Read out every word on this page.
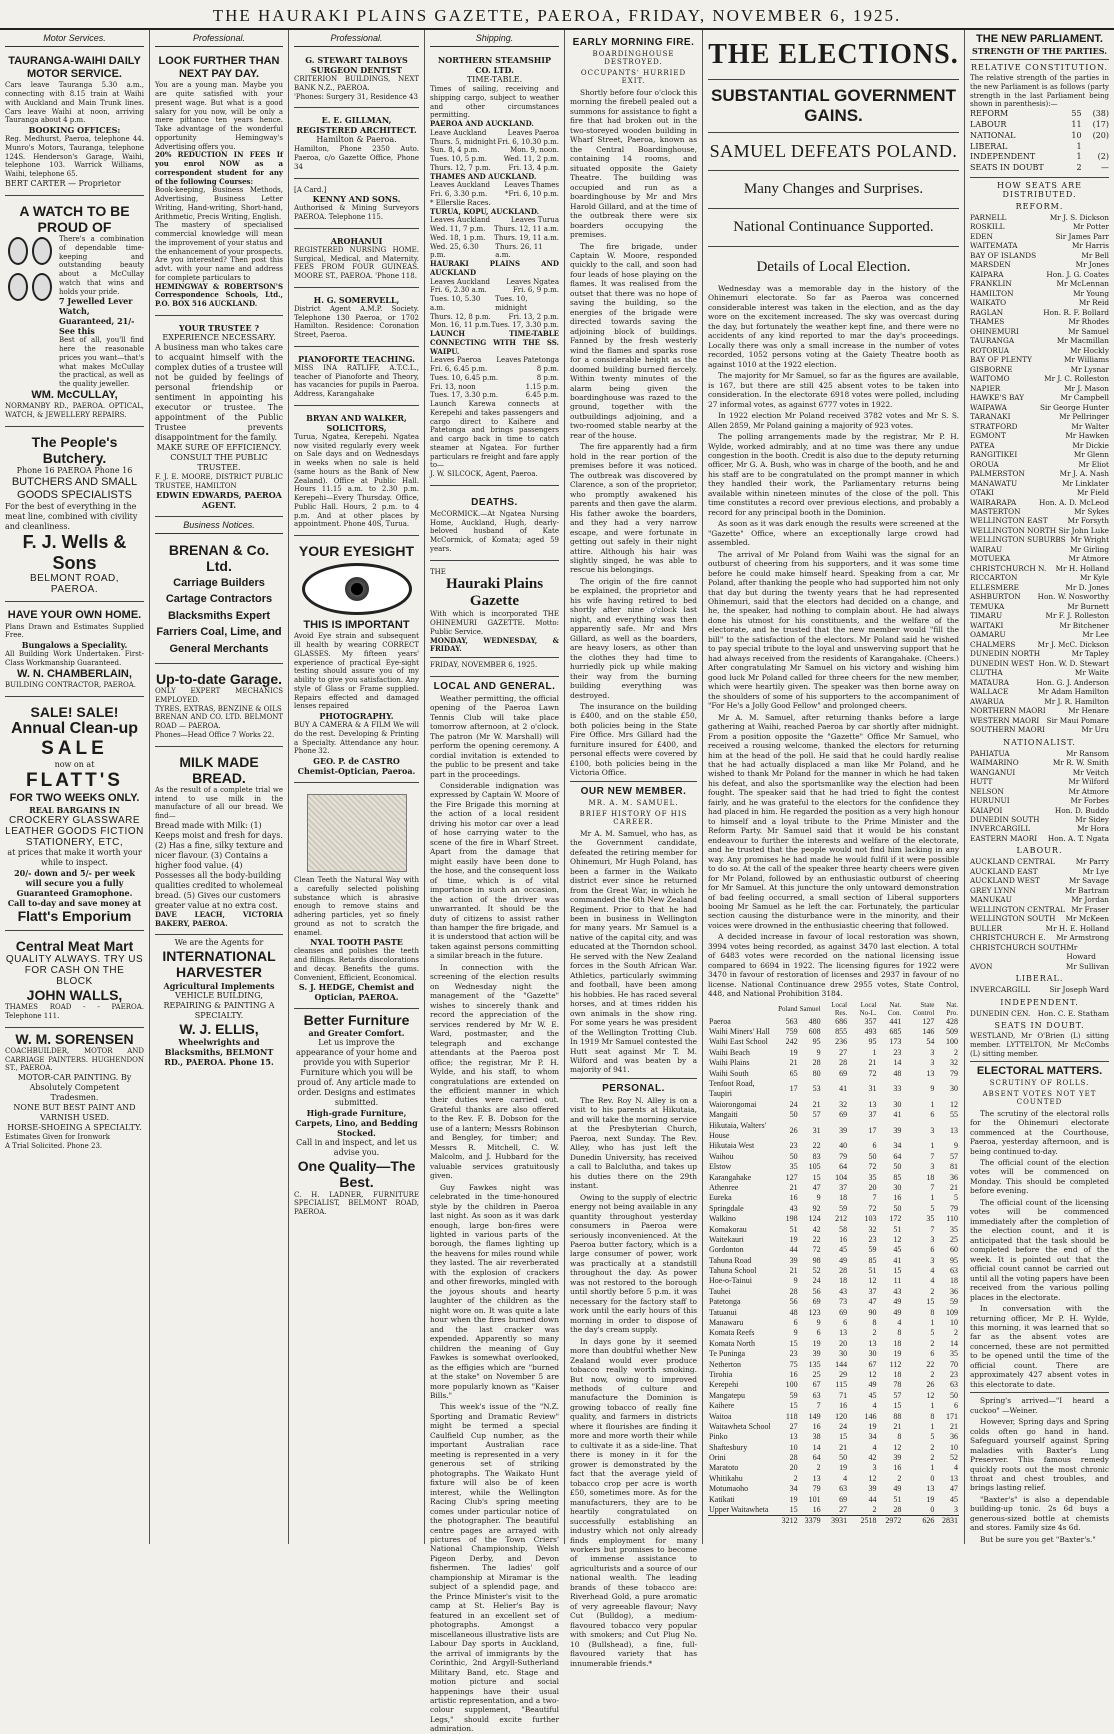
THE HAURAKI PLAINS GAZETTE, PAEROA, FRIDAY, NOVEMBER 6, 1925.
Motor Services.
TAURANGA-WAIHI DAILY MOTOR SERVICE.
Cars leave Tauranga 5.30 a.m., connecting with 8.15 train at Waihi with Auckland and Main Trunk lines. Cars leave Waihi at noon, arriving Tauranga about 4 p.m.
BOOKING OFFICES:
Reg. Medhurst, Paeroa, telephone 44. Munro's Motors, Tauranga, telephone 124S. Henderson's Garage, Waihi, telephone 103. Warrick Williams, Waihi, telephone 65.
BERT CARTER — Proprietor
A WATCH TO BE PROUD OF

There's a combination of dependable time-keeping and outstanding beauty about a McCullay watch that wins and holds your pride.
7 Jewelled Lever Watch, Guaranteed, 21/- See this
Best of all, you'll find here the reasonable prices you want—that's what makes McCullay the practical, as well as the quality jeweller.
WM. McCULLAY,
NORMANBY RD., PAEROA. OPTICAL, WATCH, & JEWELLERY REPAIRS.
The People's Butchery.
Phone 16 PAEROA Phone 16
BUTCHERS AND SMALL GOODS SPECIALISTS
For the best of everything in the meat line, combined with civility and cleanliness.
F. J. Wells & Sons
BELMONT ROAD, PAEROA.
HAVE YOUR OWN HOME.
Plans Drawn and Estimates Supplied Free.
Bungalows a Speciality.
All Building Work Undertaken. First-Class Workmanship Guaranteed.
W. N. CHAMBERLAIN,
BUILDING CONTRACTOR, PAEROA.
SALE! SALE!
Annual Clean-up
SALE
now on at
FLATT'S
FOR TWO WEEKS ONLY.
REAL BARGAINS IN
CROCKERY GLASSWARE LEATHER GOODS FICTION STATIONERY, ETC,
at prices that make it worth your while to inspect.
20/- down and 5/- per week will secure you a fully Guaranteed Gramophone.
Call to-day and save money at
Flatt's Emporium
Central Meat Mart
QUALITY ALWAYS. TRY US FOR CASH ON THE BLOCK
JOHN WALLS,
THAMES ROAD - - PAEROA. Telephone 111.
W. M. SORENSEN
COACHBUILDER, MOTOR AND CARRIAGE PAINTERS. HUGHENDON ST., PAEROA.
MOTOR-CAR PAINTING. By Absolutely Competent Tradesmen.
NONE BUT BEST PAINT AND VARNISH USED.
HORSE-SHOEING A SPECIALTY.
Estimates Given for Ironwork
A Trial Solicited. Phone 23.
Professional.
LOOK FURTHER THAN NEXT PAY DAY.
You are a young man. Maybe you are quite satisfied with your present wage. But what is a good salary for you now, will be only a mere pittance ten years hence. Take advantage of the wonderful opportunity Hemingway's Advertising offers you.
20% REDUCTION IN FEES If you enrol NOW as a correspondent student for any of the following Courses:
Book-keeping, Business Methods, Advertising, Business Letter Writing, Hand-writing, Short-hand, Arithmetic, Precis Writing, English.
The mastery of specialised commercial knowledge will mean the improvement of your status and the enhancement of your prospects. Are you interested? Then post this advt. with your name and address for complete particulars to
HEMINGWAY & ROBERTSON'S Correspondence Schools, Ltd., P.O. BOX 516 AUCKLAND.
YOUR TRUSTEE ?
EXPERIENCE NECESSARY.
A business man who takes care to acquaint himself with the complex duties of a trustee will not be guided by feelings of personal friendship or sentiment in appointing his executor or trustee. The appointment of the Public Trustee prevents disappointment for the family.
MAKE SURE OF EFFICIENCY.
CONSULT THE PUBLIC TRUSTEE.
F. J. E. MOORE, DISTRICT PUBLIC TRUSTEE, HAMILTON
EDWIN EDWARDS, PAEROA AGENT.
Business Notices.
BRENAN & Co. Ltd.
Carriage Builders Cartage Contractors Blacksmiths Expert Farriers Coal, Lime, and General Merchants
Up-to-date Garage.
ONLY EXPERT MECHANICS EMPLOYED.
TYRES, EXTRAS, BENZINE & OILS
BRENAN AND CO. LTD. BELMONT ROAD — PAEROA.
Phones—Head Office 7 Works 22.
MILK MADE BREAD.
As the result of a complete trial we intend to use milk in the manufacture of all our bread. We find—
Bread made with Milk: (1) Keeps moist and fresh for days. (2) Has a fine, silky texture and nicer flavour. (3) Contains a higher food value. (4) Possesses all the body-building qualities credited to wholemeal bread. (5) Gives our customers greater value at no extra cost.
DAVE LEACH, VICTORIA BAKERY, PAEROA.
We are the Agents for
INTERNATIONAL HARVESTER
Agricultural Implements
VEHICLE BUILDING, REPAIRING & PAINTING A SPECIALTY.
W. J. ELLIS,
Wheelwrights and Blacksmiths, BELMONT RD., PAEROA. Phone 15.
Professional.
G. STEWART TALBOYS SURGEON DENTIST
CRITERION BUILDINGS, NEXT BANK N.Z., PAEROA.
'Phones: Surgery 31, Residence 43
E. E. GILLMAN, REGISTERED ARCHITECT.
Hamilton & Paeroa.
Hamilton, Phone 2350 Auto. Paeroa, c/o Gazette Office, Phone 34
[A Card.]
KENNY AND SONS.
Authorised & Mining Surveyors PAEROA. Telephone 115.
AROHANUI
REGISTERED NURSING HOME. Surgical, Medical, and Maternity. FEES FROM FOUR GUINEAS. MOORE ST., PAEROA. 'Phone 118.
H. G. SOMERVELL,
District Agent A.M.P. Society. Telephone 130 Paeroa, or 1702 Hamilton. Residence: Coronation Street, Paeroa.
PIANOFORTE TEACHING.
MISS INA RATLIFF, A.T.C.L., teacher of Pianoforte and Theory, has vacancies for pupils in Paeroa. Address, Karangahake
BRYAN AND WALKER, SOLICITORS,
Turua, Ngatea, Kerepehi. Ngatea now visited regularly every week on Sale days and on Wednesdays in weeks when no sale is held (same hours as the Bank of New Zealand). Office at Public Hall. Hours 11.15 a.m. to 2.30 p.m. Kerepehi—Every Thursday. Office, Public Hall. Hours, 2 p.m. to 4 p.m. And at other places by appointment. Phone 40S, Turua.
YOUR EYESIGHT
THIS IS IMPORTANT
Avoid Eye strain and subsequent ill health by wearing CORRECT GLASSES. My fifteen years' experience of practical Eye-sight testing should assure you of my ability to give you satisfaction. Any style of Glass or Frame supplied. Repairs effected and damaged lenses repaired
PHOTOGRAPHY.
BUY A CAMERA & A FILM We will do the rest. Developing & Printing a Specialty. Attendance any hour. Phone 32.
GEO. P. de CASTRO Chemist-Optician, Paeroa.
Clean Teeth the Natural Way with a carefully selected polishing substance which is abrasive enough to remove stains and adhering particles, yet so finely ground as not to scratch the enamel.
NYAL TOOTH PASTE
cleanses and polishes the teeth and fillings. Retards discolorations and decay. Benefits the gums. Convenient, Efficient, Economical.
S. J. HEDGE, Chemist and Optician, PAEROA.
Better Furniture
and Greater Comfort.
Let us improve the appearance of your home and provide you with Superior Furniture which you will be proud of. Any article made to order. Designs and estimates submitted.
High-grade Furniture, Carpets, Lino, and Bedding Stocked.
Call in and inspect, and let us advise you.
One Quality—The Best.
C. H. LADNER, FURNITURE SPECIALIST, BELMONT ROAD, PAEROA.
Shipping.
NORTHERN STEAMSHIP CO. LTD.
TIME-TABLE.
Times of sailing, receiving and shipping cargo, subject to weather and other circumstances permitting.
PAEROA AND AUCKLAND.
Leave Auckland	Leaves Paeroa
Thurs. 5, midnight Fri. 6, 10.30 p.m.
Sun. 8, 4 p.m.	Mon. 9, noon.
Tues. 10, 5 p.m. Wed. 11, 2 p.m.
Thurs. 12, 7 p.m.	Fri. 13, 4 p.m.
THAMES AND AUCKLAND.
Leaves Auckland Leaves Thames
Fri. 6, 3.30 p.m.	*Fri. 6, 10 p.m.
* Ellerslie Races.
TURUA, KOPU, AUCKLAND.
Leaves Auckland	Leaves Turua
Wed. 11, 7 p.m. Thurs. 12, 11 a.m.
Wed. 18, 1 p.m. Thurs. 19, 11 a.m.
Wed. 25, 6.30 p.m.
Thurs. 26, 11 a.m.
HAURAKI PLAINS AND AUCKLAND
Leaves Auckland Leaves Ngatea
Fri. 6, 2.30 a.m.	Fri. 6, 9 p.m.
Tues. 10, 5.30 a.m.
Tues. 10, midnight
Thurs. 12, 8 p.m.	Fri. 13, 2 p.m.
Mon. 16, 11 p.m. Tues. 17, 3.30 p.m.
LAUNCH TIME-TABLE CONNECTING WITH THE SS. WAIPU.
Leaves Paeroa Leaves Patetonga
Fri. 6, 6.45 p.m.	8 p.m.
Tues. 10, 6.45 p.m.	8 p.m.
Fri. 13, noon	1.15 p.m.
Tues. 17, 3.30 p.m.	6.45 p.m.
Launch Karewa connects at Kerepehi and takes passengers and cargo direct to Kaihere and Patetonga and brings passengers and cargo back in time to catch steamer at Ngatea. For further particulars re freight and fare apply to—
J. W. SILCOCK, Agent, Paeroa.
DEATHS.
McCORMICK.—At Ngatea Nursing Home, Auckland, Hugh, dearly-beloved husband of Kate McCormick, of Komata; aged 59 years.
THE
Hauraki Plains Gazette
With which is incorporated THE OHINEMURI GAZETTE. Motto: Public Service.
MONDAY, WEDNESDAY, & FRIDAY.
FRIDAY, NOVEMBER 6, 1925.
LOCAL AND GENERAL.

Weather permitting, the official opening of the Paeroa Lawn Tennis Club will take place tomorrow afternoon, at 2 o'clock. The patron (Mr W. Marshall) will perform the opening ceremony. A cordial invitation is extended to the public to be present and take part in the proceedings.

Considerable indignation was expressed by Captain W. Moore of the Fire Brigade this morning at the action of a local resident driving his motor car over a lead of hose carrying water to the scene of the fire in Wharf Street. Apart from the damage that might easily have been done to the hose, and the consequent loss of time, which is of vital importance in such an occasion, the action of the driver was unwarranted. It should be the duty of citizens to assist rather than hamper the fire brigade, and it is understood that action will be taken against persons committing a similar breach in the future.

In connection with the screening of the election results on Wednesday night the management of the "Gazette" wishes to sincerely thank and record the appreciation of the services rendered by Mr W. E. Ward, postmaster, and the telegraph and exchange attendants at the Paeroa post office; the registrar, Mr P. H. Wylde, and his staff, to whom congratulations are extended on the efficient manner in which their duties were carried out. Grateful thanks are also offered to the Rev. F. B. Dobson for the use of a lantern; Messrs Robinson and Bengley, for timber; and Messrs R. Mitchell, C. W. Malcolm, and J. Hubbard for the valuable services gratuitously given.

Guy Fawkes night was celebrated in the time-honoured style by the children in Paeroa last night. As soon as it was dark enough, large bon-fires were lighted in various parts of the borough, the flames lighting up the heavens for miles round while they lasted. The air reverberated with the explosion of crackers and other fireworks, mingled with the joyous shouts and hearty laughter of the children as the night wore on. It was quite a late hour when the fires burned down and the last cracker was expended. Apparently so many children the meaning of Guy Fawkes is somewhat overlooked, as the effigies which are "burned at the stake" on November 5 are more popularly known as "Kaiser Bills."

This week's issue of the "N.Z. Sporting and Dramatic Review" might be termed a special Caulfield Cup number, as the important Australian race meeting is represented in a very generous set of striking photographs. The Waikato Hunt fixture will also be of keen interest, while the Wellington Racing Club's spring meeting comes under particular notice of the photographer. The beautiful centre pages are arrayed with pictures of the Town Criers' National Championship, Welsh Pigeon Derby, and Devon fishermen. The ladies' golf championship at Miramar is the subject of a splendid page, and the Prince Minister's visit to the camp at St. Helier's Bay is featured in an excellent set of photographs. Amongst a miscellaneous illustrative lists are Labour Day sports in Auckland, the arrival of immigrants by the Corinthic, 2nd Argyll-Sutherland Military Band, etc. Stage and motion picture and social happenings have their usual artistic representation, and a two-colour supplement, "Beautiful Legs," should excite further admiration.

EARLY MORNING FIRE.
BOARDINGHOUSE DESTROYED.
OCCUPANTS' HURRIED EXIT.

Shortly before four o'clock this morning the firebell pealed out a summons for assistance to fight a fire that had broken out in the two-storeyed wooden building in Wharf Street, Paeroa, known as the Central Boardinghouse, containing 14 rooms, and situated opposite the Gaiety Theatre. The building was occupied and run as a boardinghouse by Mr and Mrs Harold Gillard, and at the time of the outbreak there were six boarders occupying the premises.

The fire brigade, under Captain W. Moore, responded quickly to the call, and soon had four leads of hose playing on the flames. It was realised from the outset that there was no hope of saving the building, so the energies of the brigade were directed towards saving the adjoining block of buildings. Fanned by the fresh westerly wind the flames and sparks rose for a considerable height as the doomed building burned fiercely. Within twenty minutes of the alarm being given the boardinghouse was razed to the ground, together with the outbuildings adjoining, and a two-roomed stable nearby at the rear of the house.

The fire apparently had a firm hold in the rear portion of the premises before it was noticed. The outbreak was discovered by Clarence, a son of the proprietor, who promptly awakened his parents and then gave the alarm. His father awoke the boarders, and they had a very narrow escape, and were fortunate in getting out safely in their night attire. Although his hair was slightly singed, he was able to rescue his belongings.

The origin of the fire cannot be explained, the proprietor and his wife having retired to bed shortly after nine o'clock last night, and everything was then apparently safe. Mr and Mrs Gillard, as well as the boarders, are heavy losers, as other than the clothes they had time to hurriedly pick up while making their way from the burning building everything was destroyed.

The insurance on the building is £400, and on the stable £50, both policies being in the State Fire Office. Mrs Gillard had the furniture insured for £400, and personal effects were covered by £100, both policies being in the Victoria Office.

OUR NEW MEMBER.
MR. A. M. SAMUEL.
BRIEF HISTORY OF HIS CAREER.

Mr A. M. Samuel, who has, as the Government candidate, defeated the retiring member for Ohinemuri, Mr Hugh Poland, has been a farmer in the Waikato district ever since he returned from the Great War, in which he commanded the 6th New Zealand Regiment. Prior to that he had been in business in Wellington for many years. Mr Samuel is a native of the capital city, and was educated at the Thorndon school. He served with the New Zealand forces in the South African War. Athletics, particularly swimming and football, have been among his hobbies. He has raced several horses, and at times ridden his own animals in the show ring. For some years he was president of the Wellington Trotting Club. In 1919 Mr Samuel contested the Hutt seat against Mr T. M. Wilford and was beaten by a majority of 941.

PERSONAL.

The Rev. Roy N. Alley is on a visit to his parents at Hikutaia, and will take the morning service at the Presbyterian Church, Paeroa, next Sunday. The Rev. Alley, who has just left the Dunedin University, has received a call to Balclutha, and takes up his duties there on the 29th instant.

Owing to the supply of electric energy not being available in any quantity throughout yesterday consumers in Paeroa were seriously inconvenienced. At the Paeroa butter factory, which is a large consumer of power, work was practically at a standstill throughout the day. As power was not restored to the borough until shortly before 5 p.m. it was necessary for the factory staff to work until the early hours of this morning in order to dispose of the day's cream supply.

In days gone by it seemed more than doubtful whether New Zealand would ever produce tobacco really worth smoking. But now, owing to improved methods of culture and manufacture the Dominion is growing tobacco of really fine quality, and farmers in districts where it flourishes are finding it more and more worth their while to cultivate it as a side-line. That there is money in it for the grower is demonstrated by the fact that the average yield of tobacco crop per acre is worth £50, sometimes more. As for the manufacturers, they are to be heartily congratulated on successfully establishing an industry which not only already finds employment for many workers but promises to become of immense assistance to agriculturists and a source of our national wealth. The leading brands of these tobacco are: Riverhead Gold, a pure aromatic of very agreeable flavour; Navy Cut (Bulldog), a medium-flavoured tobacco very popular with smokers; and Cut Plug No. 10 (Bullshead), a fine, full-flavoured variety that has innumerable friends.*

THE ELECTIONS.
SUBSTANTIAL GOVERNMENT GAINS.
SAMUEL DEFEATS POLAND.
Many Changes and Surprises.
National Continuance Supported.
Details of Local Election.

Wednesday was a memorable day in the history of the Ohinemuri electorate. So far as Paeroa was concerned considerable interest was taken in the election, and as the day wore on the excitement increased. The sky was overcast during the day, but fortunately the weather kept fine, and there were no accidents of any kind reported to mar the day's proceedings. Locally there was only a small increase in the number of votes recorded, 1052 persons voting at the Gaiety Theatre booth as against 1010 at the 1922 election.

The majority for Mr Samuel, so far as the figures are available, is 167, but there are still 425 absent votes to be taken into consideration. In the electorate 6918 votes were polled, including 27 informal votes, as against 6777 votes in 1922.

In 1922 election Mr Poland received 3782 votes and Mr S. S. Allen 2859, Mr Poland gaining a majority of 923 votes.

The polling arrangements made by the registrar, Mr P. H. Wylde, worked admirably, and at no time was there any undue congestion in the booth. Credit is also due to the deputy returning officer, Mr G. A. Bush, who was in charge of the booth, and he and his staff are to be congratulated on the prompt manner in which they handled their work, the Parliamentary returns being available within nineteen minutes of the close of the poll. This time constitutes a record over previous elections, and probably a record for any principal booth in the Dominion.

As soon as it was dark enough the results were screened at the "Gazette" Office, where an exceptionally large crowd had assembled.

The arrival of Mr Poland from Waihi was the signal for an outburst of cheering from his supporters, and it was some time before he could make himself heard. Speaking from a car, Mr Poland, after thanking the people who had supported him not only that day but during the twenty years that he had represented Ohinemuri, said that the electors had decided on a change, and he, the speaker, had nothing to complain about. He had always done his utmost for his constituents, and the welfare of the electorate, and he trusted that the new member would "fill the bill" to the satisfaction of the electors. Mr Poland said he wished to pay special tribute to the loyal and unswerving support that he had always received from the residents of Karangahake. (Cheers.) After congratulating Mr Samuel on his victory and wishing him good luck Mr Poland called for three cheers for the new member, which were heartily given. The speaker was then borne away on the shoulders of some of his supporters to the accompaniment of "For He's a Jolly Good Fellow" and prolonged cheers.

Mr A. M. Samuel, after returning thanks before a large gathering at Waihi, reached Paeroa by car shortly after midnight. From a position opposite the "Gazette" Office Mr Samuel, who received a rousing welcome, thanked the electors for returning him at the head of the poll. He said that he could hardly realise that he had actually displaced a man like Mr Poland, and he wished to thank Mr Poland for the manner in which he had taken his defeat, and also the sportsmanlike way the election had been fought. The speaker said that he had tried to fight the contest fairly, and he was grateful to the electors for the confidence they had placed in him. He regarded the position as a very high honour to himself and a loyal tribute to the Prime Minister and the Reform Party. Mr Samuel said that it would be his constant endeavour to further the interests and welfare of the electorate, and he trusted that the people would not find him lacking in any way. Any promises he had made he would fulfil if it were possible to do so. At the call of the speaker three hearty cheers were given for Mr Poland, followed by an enthusiastic outburst of cheering for Mr Samuel. At this juncture the only untoward demonstration of bad feeling occurred, a small section of Liberal supporters booing Mr Samuel as he left the car. Fortunately, the particular section causing the disturbance were in the minority, and their voices were drowned in the enthusiastic cheering that followed.

A decided increase in favour of local restoration was shown, 3994 votes being recorded, as against 3470 last election. A total of 6483 votes were recorded on the national licensing issue compared to 6694 in 1922. The licensing figures for 1922 were 3470 in favour of restoration of licenses and 2937 in favour of no license. National Continuance drew 2955 votes, State Control, 448, and National Prohibition 3184.

	Poland	Samuel	Local Res.	Local No-L.	Nat. Con.	State Control	Nat. Pro.
Paeroa	563	480	686	357	441	127	428
Waihi Miners' Hall	759	608	855	493	685	146	509
Waihi East School	242	95	236	95	173	54	100
Waihi Beach	19	9	27	1	23	3	2
Waihi Plains	21	28	28	21	14	3	32
Waihi South	65	80	69	72	48	13	79
Tenfoot Road, Taupiri	17	53	41	31	33	9	30
Waiorongomai	24	21	32	13	30	1	12
Mangaiti	50	57	69	37	41	6	55
Hikutaia, Walters' House	26	31	39	17	39	3	13
Hikutaia West	23	22	40	6	34	1	9
Waihou	50	83	79	50	64	7	57
Elstow	35	105	64	72	50	3	81
Karangahake	127	15	104	35	85	18	36
Athenree	21	47	37	20	30	7	21
Eureka	16	9	18	7	16	1	5
Springdale	43	92	59	72	50	5	79
Walkino	198	124	212	103	172	35	110
Komakorau	51	42	58	32	51	7	35
Waitekauri	19	22	16	23	12	3	25
Gordonton	44	72	45	59	45	6	60
Tahuna Road	39	98	49	85	41	3	95
Tahuna School	21	52	28	51	15	4	63
Hoe-o-Tainui	9	24	18	12	11	4	18
Tauhei	28	56	43	37	43	2	36
Patetonga	56	69	73	47	49	15	59
Tatuanui	48	123	69	90	49	8	109
Manawaru	6	9	6	8	4	1	10
Komata Reefs	9	6	13	2	8	5	2
Komata North	15	19	20	13	18	2	14
Te Puninga	23	39	30	30	19	6	35
Netherton	75	135	144	67	112	22	70
Tirohia	16	25	29	12	18	2	23
Kerepehi	100	67	115	49	78	26	63
Mangatepu	59	63	71	45	57	12	50
Kaihere	15	7	16	4	15	1	6
Waitoa	118	149	120	146	88	8	171
Waitawheta School	27	16	24	19	21	1	21
Pinko	13	38	15	34	8	5	36
Shaftesbury	10	14	21	4	12	2	10
Orini	28	64	50	42	39	2	52
Maratoto	20	2	19	3	16	1	4
Whitikahu	2	13	4	12	2	0	13
Motumaoho	34	79	63	39	49	13	47
Katikati	19	101	69	44	51	19	45
Upper Waitawheta	15	16	27	2	28	0	3
	3212	3379	3931	2518	2972	626	2831
THE NEW PARLIAMENT.
STRENGTH OF THE PARTIES.
RELATIVE CONSTITUTION.
The relative strength of the parties in the new Parliament is as follows (party strength in the last Parliament being shown in parenthesis):—
REFORM	55	(38)
LABOUR	11	(17)
NATIONAL	10	(20)
LIBERAL	1
INDEPENDENT	1	(2)
SEATS IN DOUBT	2	—
HOW SEATS ARE DISTRIBUTED.
REFORM.
PARNELL	Mr J. S. Dickson
ROSKILL	Mr Potter
EDEN	Sir James Parr
WAITEMATA	Mr Harris
BAY OF ISLANDS	Mr Bell
MARSDEN	Mr Jones
KAIPARA	Hon. J. G. Coates
FRANKLIN	Mr McLennan
HAMILTON	Mr Young
WAIKATO	Mr Reid
RAGLAN	Hon. R. F. Bollard
THAMES	Mr Rhodes
OHINEMURI	Mr Samuel
TAURANGA	Mr Macmillan
ROTORUA	Mr Hockly
BAY OF PLENTY	Mr Williams
GISBORNE	Mr Lysnar
WAITOMO	Mr J. C. Rolleston
NAPIER	Mr J. Mason
HAWKE'S BAY	Mr Campbell
WAIPAWA	Sir George Hunter
TARANAKI	Mr Pellringer
STRATFORD	Mr Walter
EGMONT	Mr Hawken
PATEA	Mr Dickie
RANGITIKEI	Mr Glenn
OROUA	Mr Eliot
PALMERSTON	Mr J. A. Nash
MANAWATU	Mr Linklater
OTAKI	Mr Field
WAIRARAPA	Hon. A. D. McLeod
MASTERTON	Mr Sykes
WELLINGTON EAST	Mr Forsyth
WELLINGTON NORTH Sir John Luke
WELLINGTON SUBURBS Mr Wright
WAIRAU	Mr Girling
MOTUEKA	Mr Atmore
CHRISTCHURCH N. Mr H. Holland
RICCARTON	Mr Kyle
ELLESMERE	Mr D. Jones
ASHBURTON Hon. W. Nosworthy
TEMUKA	Mr Burnett
TIMARU	Mr F. J. Rolleston
WAITAKI	Mr Bitchener
OAMARU	Mr Lee
CHALMERS	Mr J. McC. Dickson
DUNEDIN NORTH	Mr Tapley
DUNEDIN WEST Hon. W. D. Stewart
CLUTHA	Mr Waite
MATAURA	Hon. G. J. Anderson
WALLACE	Mr Adam Hamilton
AWARUA	Mr J. R. Hamilton
NORTHERN MAORI	Mr Henare
WESTERN MAORI Sir Maui Pomare
SOUTHERN MAORI	Mr Uru
NATIONALIST.
PAHIATUA	Mr Ransom
WAIMARINO	Mr R. W. Smith
WANGANUI	Mr Veitch
HUTT	Mr Wilford
NELSON	Mr Atmore
HURUNUI	Mr Forbes
KAIAPOI	Hon. D. Buddo
DUNEDIN SOUTH	Mr Sidey
INVERCARGILL	Mr Hora
EASTERN MAORI Hon. A. T. Ngata
LABOUR.
AUCKLAND CENTRAL	Mr Parry
AUCKLAND EAST	Mr Lye
AUCKLAND WEST	Mr Savage
GREY LYNN	Mr Bartram
MANUKAU	Mr Jordan
WELLINGTON CENTRAL Mr Fraser
WELLINGTON SOUTH Mr McKeen
BULLER	Mr H. E. Holland
CHRISTCHURCH E. Mr Armstrong
CHRISTCHURCH SOUTH Mr Howard
AVON	Mr Sullivan
LIBERAL.
INVERCARGILL	Sir Joseph Ward
INDEPENDENT.
DUNEDIN CEN. Hon. C. E. Statham
SEATS IN DOUBT.
WESTLAND, Mr O'Brien (L) sitting member. LYTTELTON, Mr McCombs (L) sitting member.
ELECTORAL MATTERS.
SCRUTINY OF ROLLS.
ABSENT VOTES NOT YET COUNTED

The scrutiny of the electoral rolls for the Ohinemuri electorate commenced at the Courthouse, Paeroa, yesterday afternoon, and is being continued to-day.

The official count of the election votes will be commenced on Monday. This should be completed before evening.

The official count of the licensing votes will be commenced immediately after the completion of the election count, and it is anticipated that the task should be completed before the end of the week. It is pointed out that the official count cannot be carried out until all the voting papers have been received from the various polling places in the electorate.

In conversation with the returning officer, Mr P. H. Wylde, this morning, it was learned that so far as the absent votes are concerned, these are not permitted to be opened until the time of the official count. There are approximately 427 absent votes in this electorate to date.

Spring's arrived—"I heard a cuckoo" —Weiner.

However, Spring days and Spring colds often go hand in hand. Safeguard yourself against Spring maladies with Baxter's Lung Preserver. This famous remedy quickly roots out the most chronic throat and chest troubles, and brings lasting relief.

"Baxter's" is also a dependable building-up tonic. 2s 6d buys a generous-sized bottle at chemists and stores. Family size 4s 6d.

But be sure you get "Baxter's."
